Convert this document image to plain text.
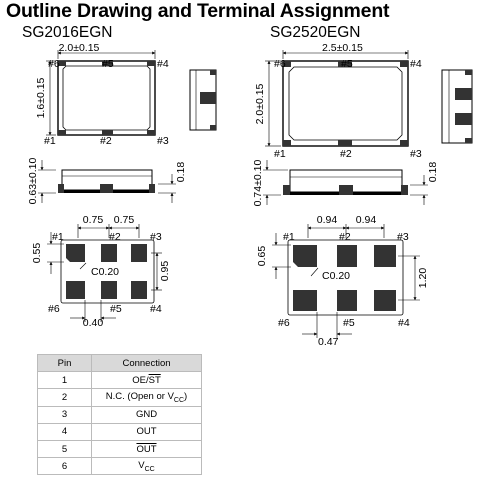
Outline Drawing and Terminal Assignment
SG2016EGN	SG2520EGN
2.0±0.15
1.6±0.15
#6	#5	#4
#1	#2	#3
0.63±0.10	0.18
0.75 0.75
#1	#2	#3
#6	#5	#4
0.55
0.95
0.40
C0.20
2.5±0.15
2.0±0.15
#6	#5	#4
#1	#2	#3
0.74±0.10	0.18
0.94 0.94
#1	#2	#3
#6	#5	#4
0.65
1.20
0.47
C0.20
Pin	Connection
1	$OE/\overline{ST}$
2	N.C. (Open or $V_{CC}$)
3	GND
4	OUT
5	$\overline{OUT}$
6	$V_{CC}$
